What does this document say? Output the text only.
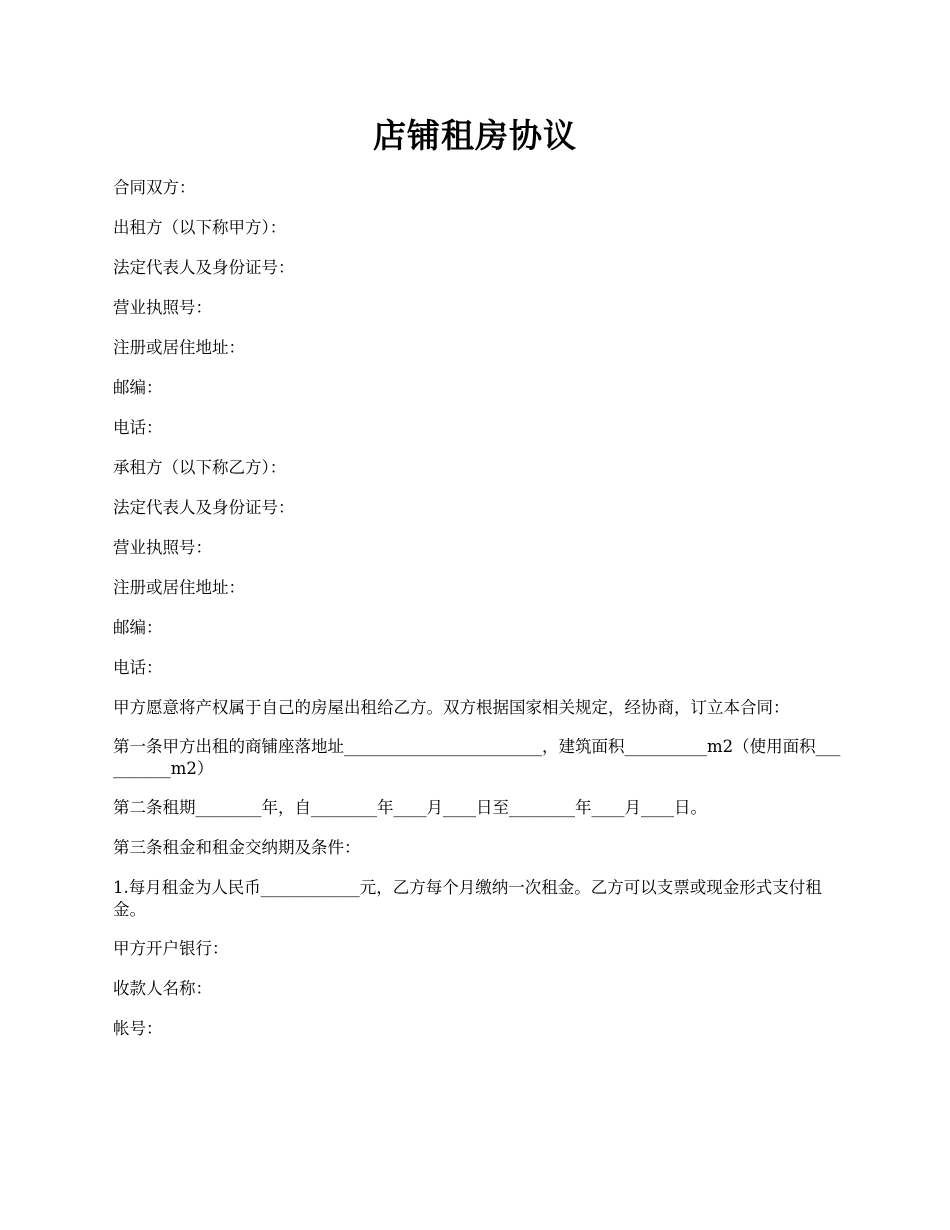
店铺租房协议

合同双方：

出租方（以下称甲方）：

法定代表人及身份证号：

营业执照号：

注册或居住地址：

邮编：

电话：

承租方（以下称乙方）：

法定代表人及身份证号：

营业执照号：

注册或居住地址：

邮编：

电话：

甲方愿意将产权属于自己的房屋出租给乙方。双方根据国家相关规定，经协商，订立本合同：

第一条甲方出租的商铺座落地址________________________，建筑面积__________m2（使用面积__________m2）

第二条租期________年，自________年____月____日至________年____月____日。

第三条租金和租金交纳期及条件：

1.每月租金为人民币____________元，乙方每个月缴纳一次租金。乙方可以支票或现金形式支付租金。

甲方开户银行：

收款人名称：

帐号：
